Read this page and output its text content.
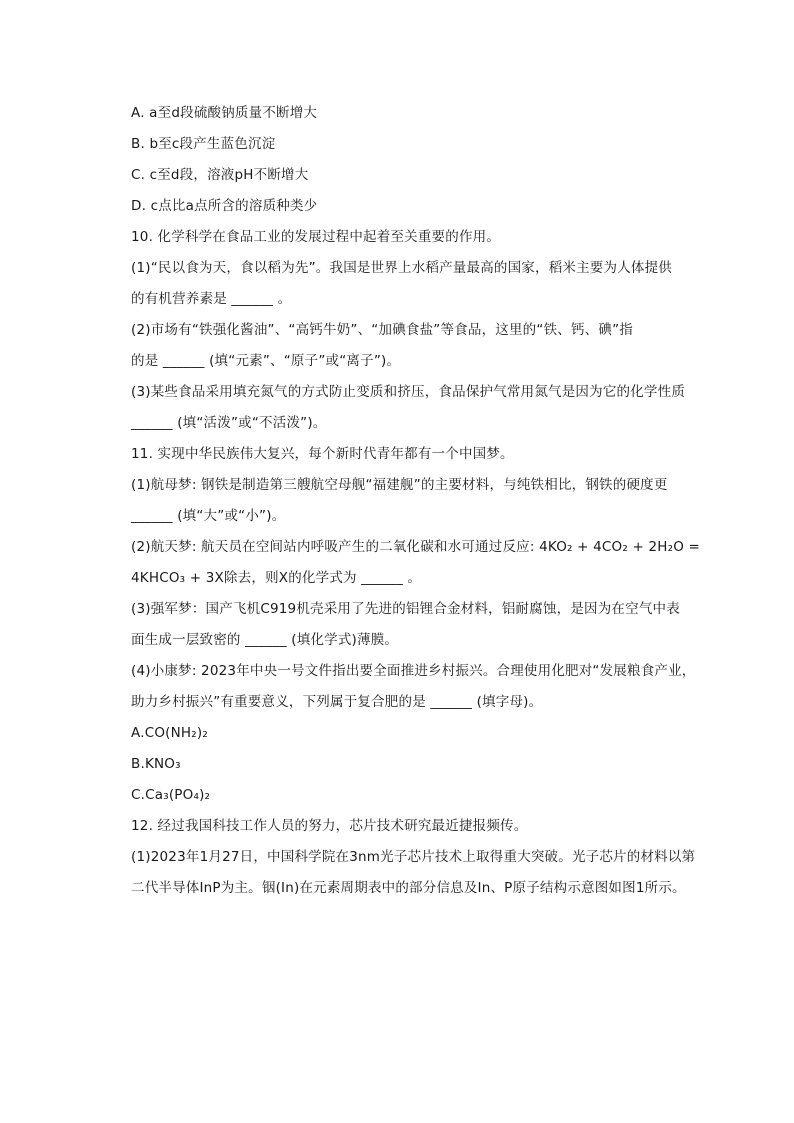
A. a至d段硫酸钠质量不断增大
B. b至c段产生蓝色沉淀
C. c至d段，溶液pH不断增大
D. c点比a点所含的溶质种类少
10. 化学科学在食品工业的发展过程中起着至关重要的作用。
(1)“民以食为天，食以稻为先”。我国是世界上水稻产量最高的国家，稻米主要为人体提供
的有机营养素是 ______ 。
(2)市场有“铁强化酱油”、“高钙牛奶”、“加碘食盐”等食品，这里的“铁、钙、碘”指
的是 ______ (填“元素”、“原子”或“离子”)。
(3)某些食品采用填充氮气的方式防止变质和挤压，食品保护气常用氮气是因为它的化学性质
______ (填“活泼”或“不活泼”)。
11. 实现中华民族伟大复兴，每个新时代青年都有一个中国梦。
(1)航母梦: 钢铁是制造第三艘航空母舰“福建舰”的主要材料，与纯铁相比，钢铁的硬度更
______ (填“大”或“小”)。
(2)航天梦: 航天员在空间站内呼吸产生的二氧化碳和水可通过反应: 4KO₂ + 4CO₂ + 2H₂O =
4KHCO₃ + 3X除去，则X的化学式为 ______ 。
(3)强军梦：国产飞机C919机壳采用了先进的铝锂合金材料，铝耐腐蚀，是因为在空气中表
面生成一层致密的 ______ (填化学式)薄膜。
(4)小康梦: 2023年中央一号文件指出要全面推进乡村振兴。合理使用化肥对“发展粮食产业，
助力乡村振兴”有重要意义，下列属于复合肥的是 ______ (填字母)。
A.CO(NH₂)₂
B.KNO₃
C.Ca₃(PO₄)₂
12. 经过我国科技工作人员的努力，芯片技术研究最近捷报频传。
(1)2023年1月27日，中国科学院在3nm光子芯片技术上取得重大突破。光子芯片的材料以第
二代半导体InP为主。铟(In)在元素周期表中的部分信息及In、P原子结构示意图如图1所示。
